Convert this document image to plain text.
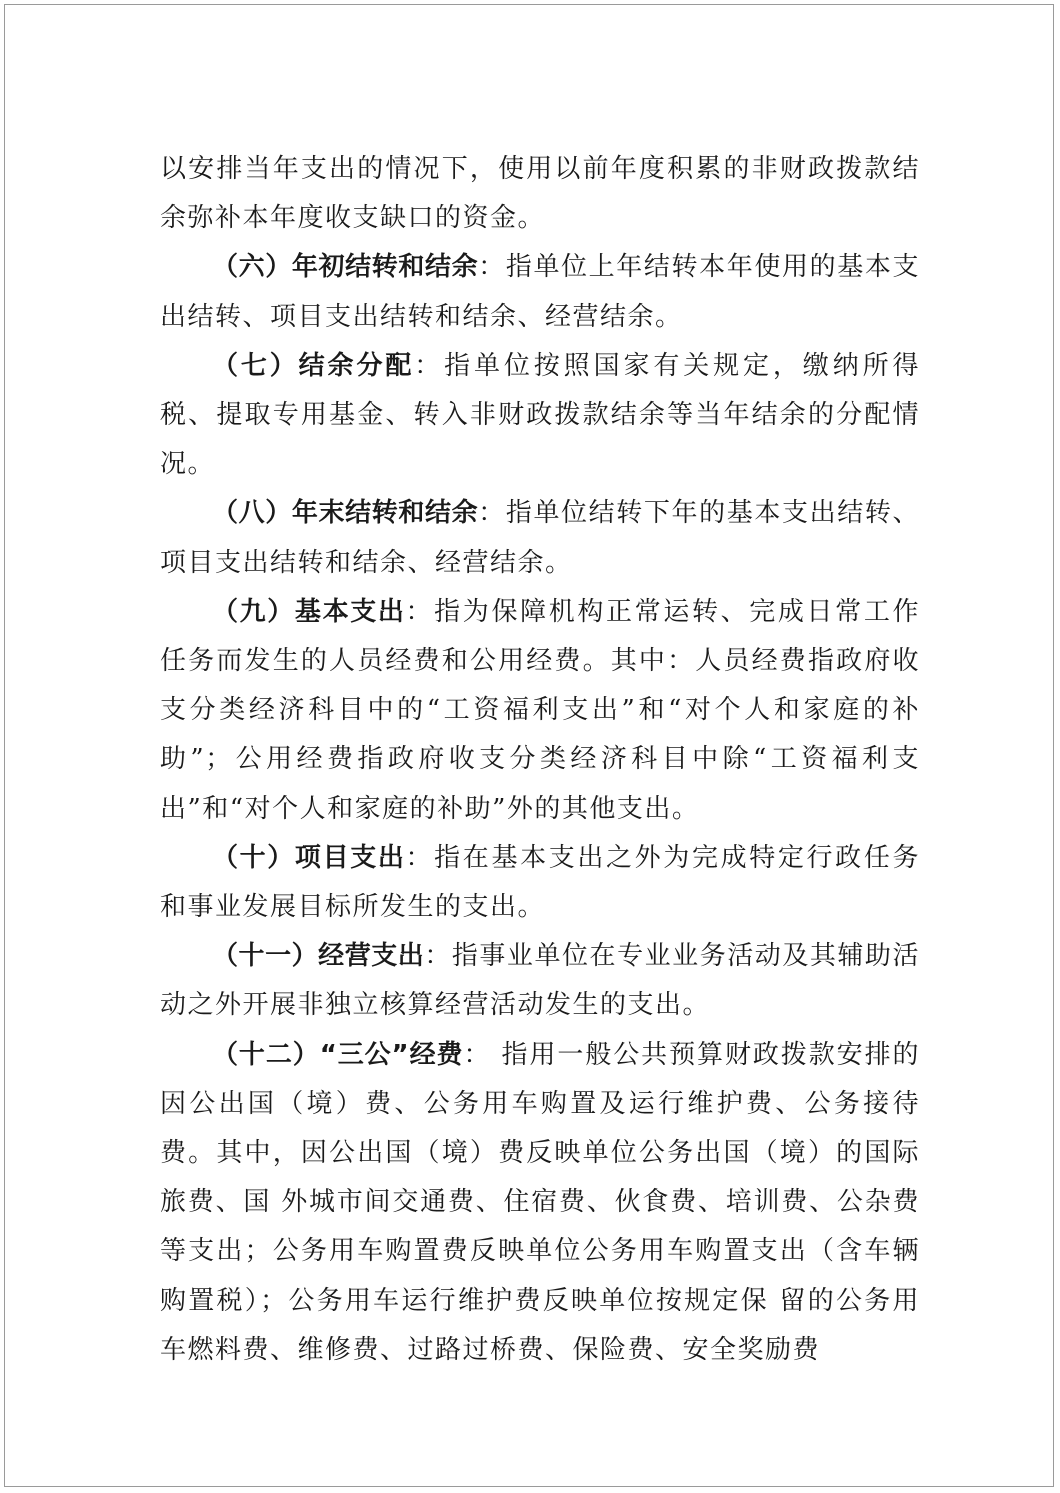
以安排当年支出的情况下，使用以前年度积累的非财政拨款结余弥补本年度收支缺口的资金。

（六）年初结转和结余：指单位上年结转本年使用的基本支出结转、项目支出结转和结余、经营结余。

（七）结余分配：指单位按照国家有关规定，缴纳所得税、提取专用基金、转入非财政拨款结余等当年结余的分配情况。

（八）年末结转和结余：指单位结转下年的基本支出结转、项目支出结转和结余、经营结余。

（九）基本支出：指为保障机构正常运转、完成日常工作任务而发生的人员经费和公用经费。其中：人员经费指政府收支分类经济科目中的“工资福利支出”和“对个人和家庭的补助”；公用经费指政府收支分类经济科目中除“工资福利支出”和“对个人和家庭的补助”外的其他支出。

（十）项目支出：指在基本支出之外为完成特定行政任务和事业发展目标所发生的支出。

（十一）经营支出：指事业单位在专业业务活动及其辅助活动之外开展非独立核算经营活动发生的支出。

（十二）“三公”经费： 指用一般公共预算财政拨款安排的因公出国（境）费、公务用车购置及运行维护费、公务接待费。其中，因公出国（境）费反映单位公务出国（境）的国际旅费、国 外城市间交通费、住宿费、伙食费、培训费、公杂费等支出；公务用车购置费反映单位公务用车购置支出（含车辆购置税）；公务用车运行维护费反映单位按规定保 留的公务用车燃料费、维修费、过路过桥费、保险费、安全奖励费
